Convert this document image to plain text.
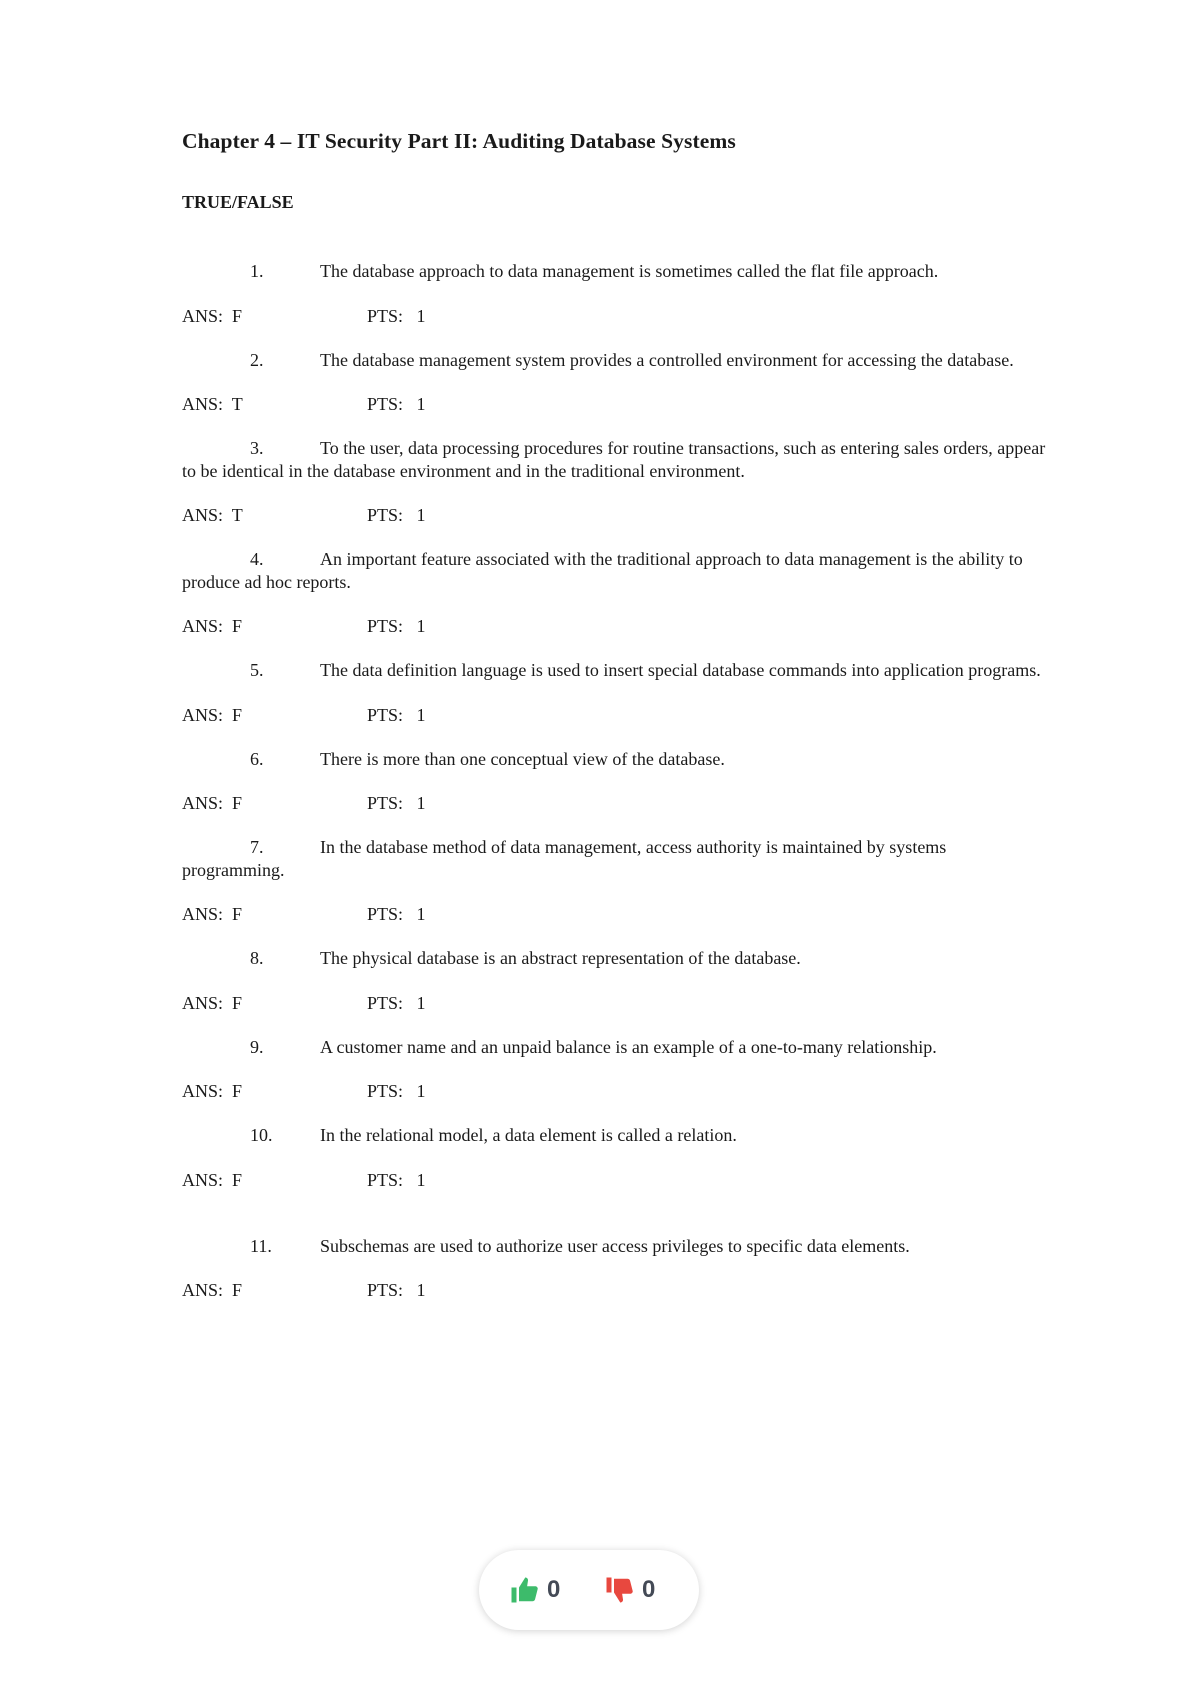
Chapter 4 – IT Security Part II: Auditing Database Systems
TRUE/FALSE
1.	The database approach to data management is sometimes called the flat file approach.
ANS: F	PTS: 1
2.	The database management system provides a controlled environment for accessing the database.
ANS: T	PTS: 1
3.	To the user, data processing procedures for routine transactions, such as entering sales orders, appear to be identical in the database environment and in the traditional environment.
ANS: T	PTS: 1
4.	An important feature associated with the traditional approach to data management is the ability to produce ad hoc reports.
ANS: F	PTS: 1
5.	The data definition language is used to insert special database commands into application programs.
ANS: F	PTS: 1
6.	There is more than one conceptual view of the database.
ANS: F	PTS: 1
7.	In the database method of data management, access authority is maintained by systems programming.
ANS: F	PTS: 1
8.	The physical database is an abstract representation of the database.
ANS: F	PTS: 1
9.	A customer name and an unpaid balance is an example of a one-to-many relationship.
ANS: F	PTS: 1
10.	In the relational model, a data element is called a relation.
ANS: F	PTS: 1
11.	Subschemas are used to authorize user access privileges to specific data elements.
ANS: F	PTS: 1
0	0
